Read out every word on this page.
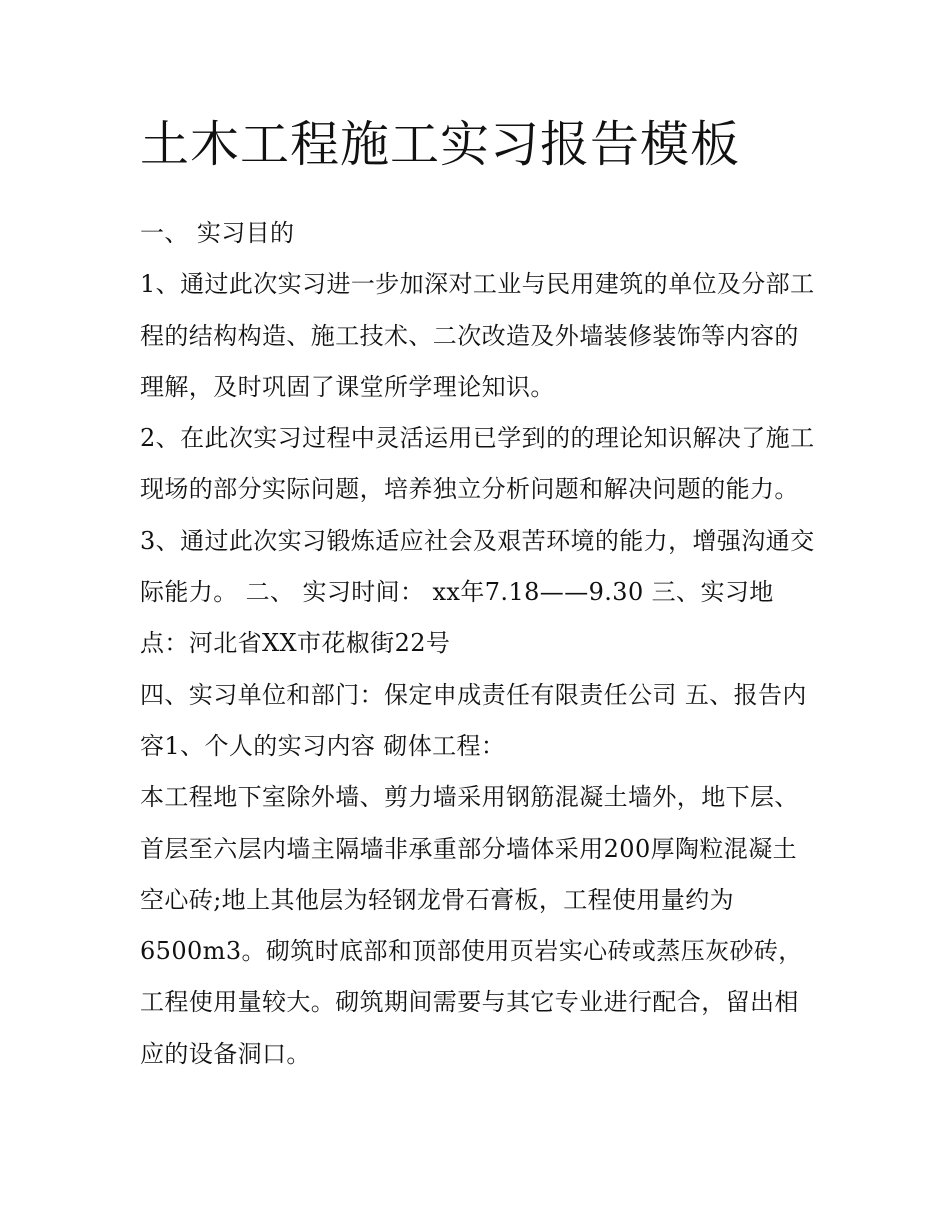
土木工程施工实习报告模板

一、 实习目的

1、通过此次实习进一步加深对工业与民用建筑的单位及分部工程的结构构造、施工技术、二次改造及外墙装修装饰等内容的理解，及时巩固了课堂所学理论知识。

2、在此次实习过程中灵活运用已学到的的理论知识解决了施工现场的部分实际问题，培养独立分析问题和解决问题的能力。

3、通过此次实习锻炼适应社会及艰苦环境的能力，增强沟通交际能力。 二、 实习时间： xx年7.18——9.30 三、实习地点：河北省XX市花椒街22号

四、实习单位和部门：保定申成责任有限责任公司 五、报告内容1、个人的实习内容 砌体工程：

本工程地下室除外墙、剪力墙采用钢筋混凝土墙外，地下层、首层至六层内墙主隔墙非承重部分墙体采用200厚陶粒混凝土空心砖;地上其他层为轻钢龙骨石膏板，工程使用量约为6500m3。砌筑时底部和顶部使用页岩实心砖或蒸压灰砂砖，工程使用量较大。砌筑期间需要与其它专业进行配合，留出相应的设备洞口。
